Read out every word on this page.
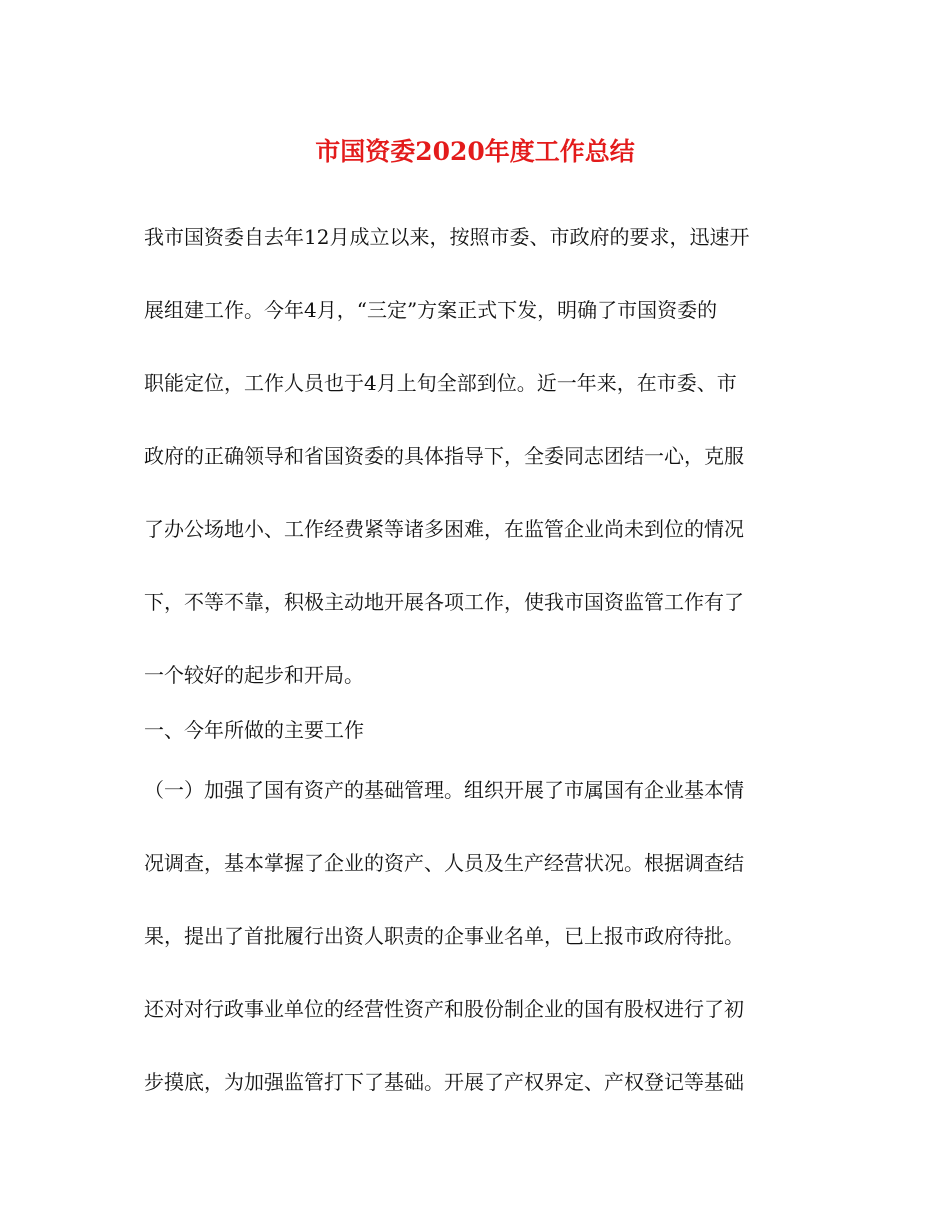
市国资委2020年度工作总结

我市国资委自去年12月成立以来，按照市委、市政府的要求，迅速开

展组建工作。今年4月，“三定”方案正式下发，明确了市国资委的

职能定位，工作人员也于4月上旬全部到位。近一年来，在市委、市

政府的正确领导和省国资委的具体指导下，全委同志团结一心，克服

了办公场地小、工作经费紧等诸多困难，在监管企业尚未到位的情况

下，不等不靠，积极主动地开展各项工作，使我市国资监管工作有了

一个较好的起步和开局。

一、今年所做的主要工作

（一）加强了国有资产的基础管理。组织开展了市属国有企业基本情

况调查，基本掌握了企业的资产、人员及生产经营状况。根据调查结

果，提出了首批履行出资人职责的企事业名单，已上报市政府待批。

还对对行政事业单位的经营性资产和股份制企业的国有股权进行了初

步摸底，为加强监管打下了基础。开展了产权界定、产权登记等基础
